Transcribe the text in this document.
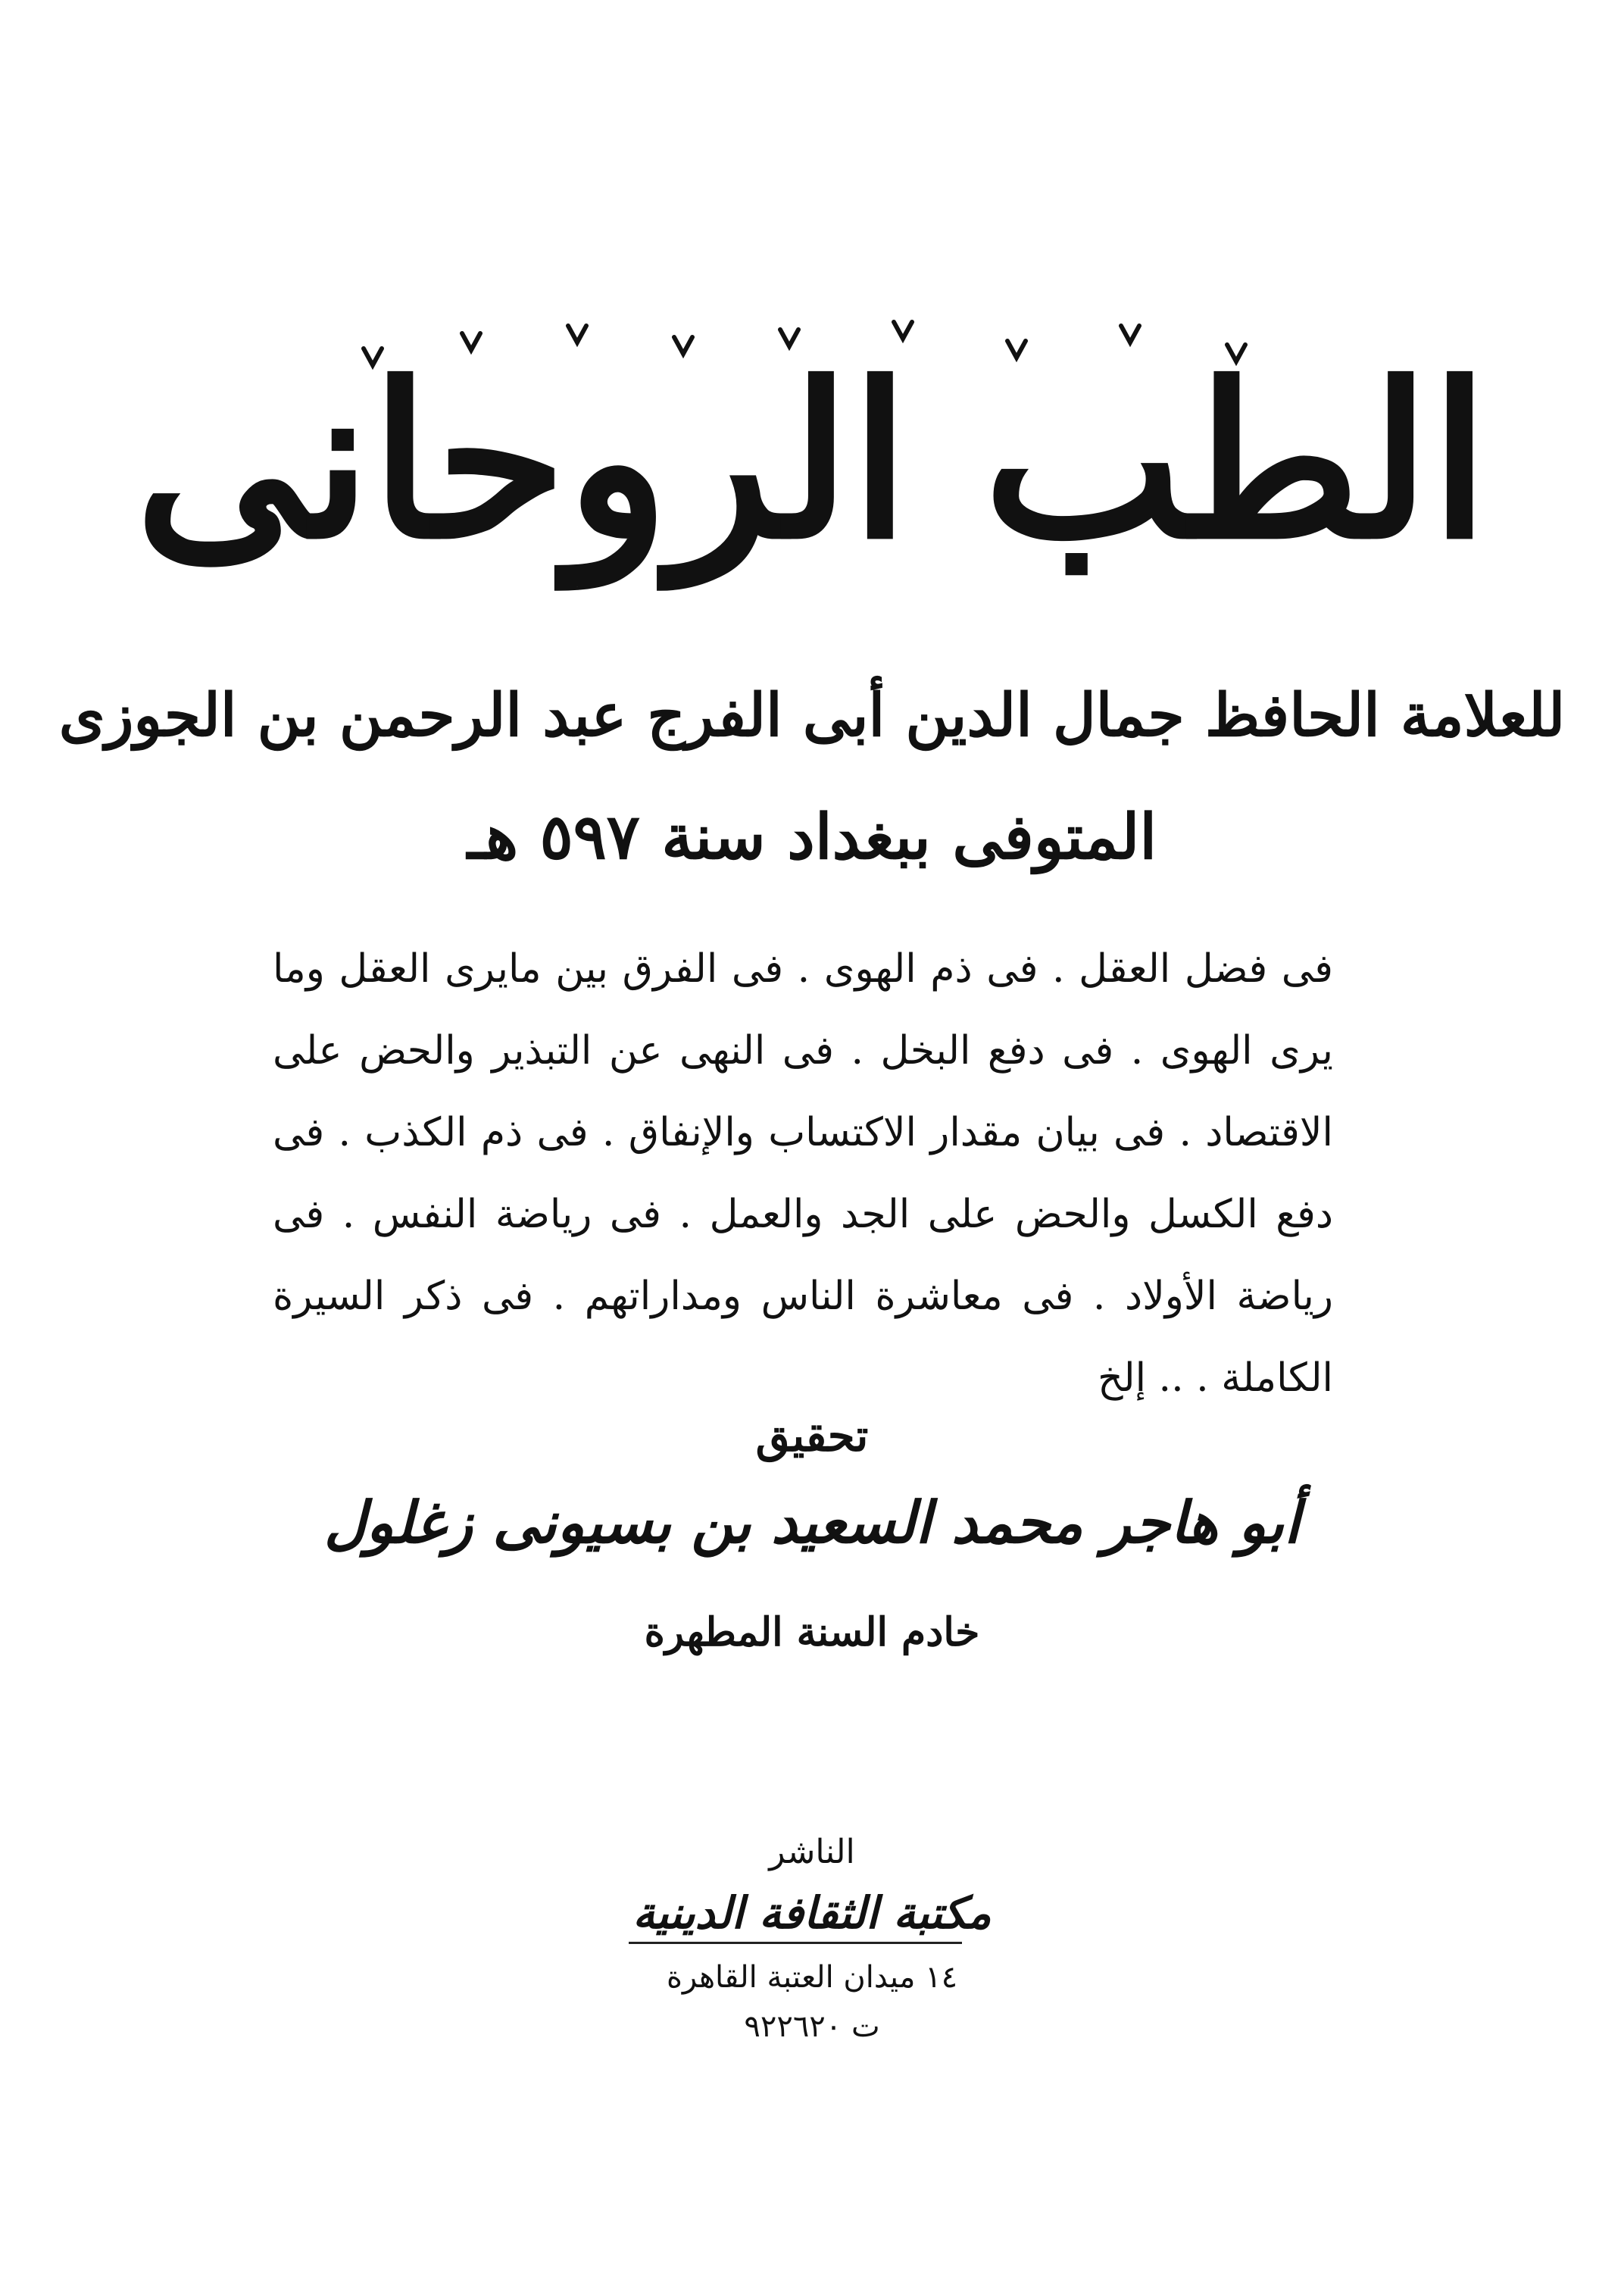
الطب الروحانى
للعلامة الحافظ جمال الدين أبى الفرج عبد الرحمن بن الجوزى
المتوفى ببغداد سنة ٥٩٧ هـ
فى فضل العقل . فى ذم الهوى . فى الفرق بين مايرى العقل وما يرى الهوى . فى دفع البخل . فى النهى عن التبذير والحض على الاقتصاد . فى بيان مقدار الاكتساب والإنفاق . فى ذم الكذب . فى دفع الكسل والحض على الجد والعمل . فى رياضة النفس . فى رياضة الأولاد . فى معاشرة الناس ومداراتهم . فى ذكر السيرة الكاملة . .. إلخ
تحقيق
أبو هاجر محمد السعيد بن بسيونى زغلول
خادم السنة المطهرة
الناشر
مكتبة الثقافة الدينية
١٤ ميدان العتبة القاهرة
ت ٩٢٢٦٢٠
